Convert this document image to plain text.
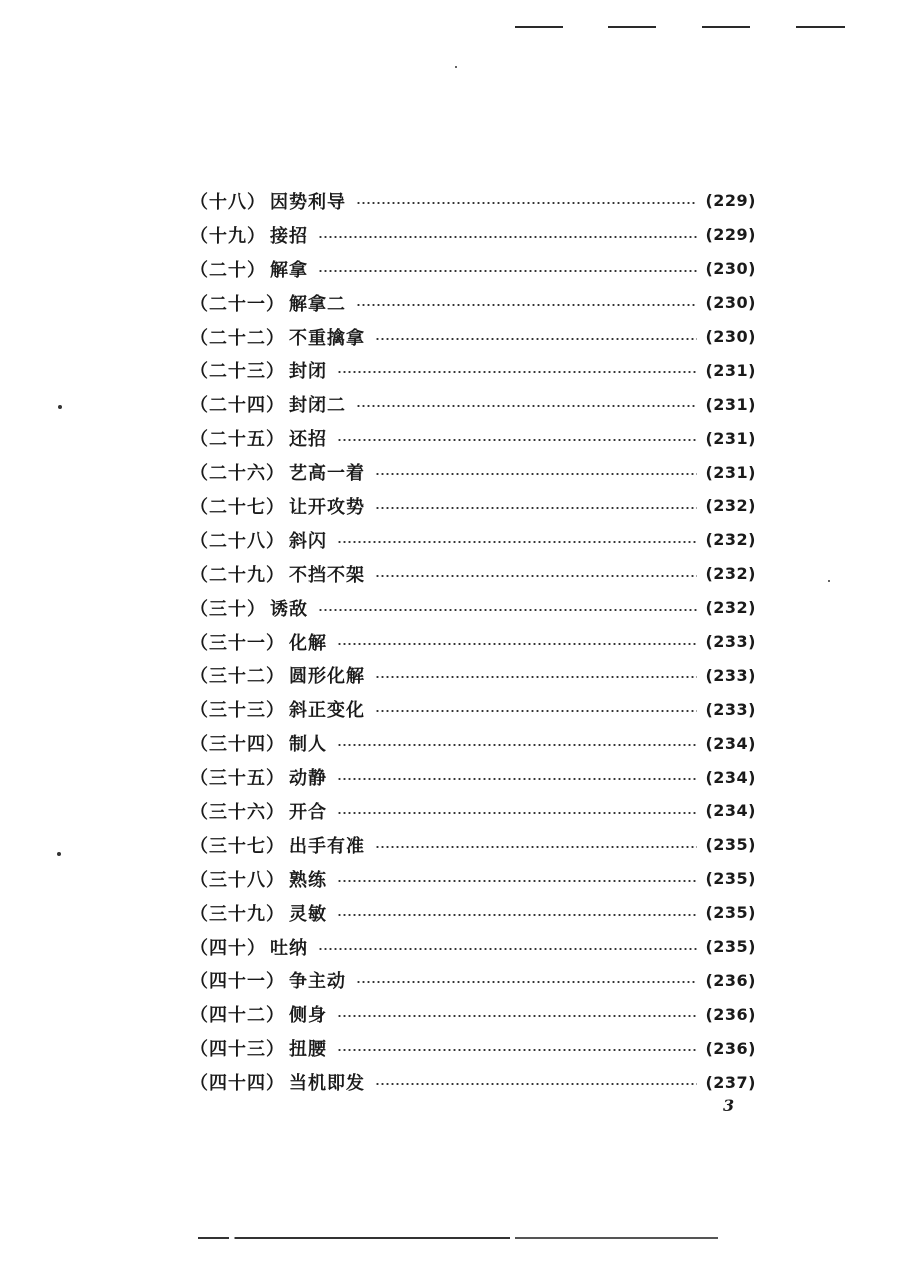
（十八） 因势利导	(229)
（十九） 接招	(229)
（二十） 解拿	(230)
（二十一） 解拿二	(230)
（二十二） 不重擒拿	(230)
（二十三） 封闭	(231)
（二十四） 封闭二	(231)
（二十五） 还招	(231)
（二十六） 艺高一着	(231)
（二十七） 让开攻势	(232)
（二十八） 斜闪	(232)
（二十九） 不挡不架	(232)
（三十） 诱敌	(232)
（三十一） 化解	(233)
（三十二） 圆形化解	(233)
（三十三） 斜正变化	(233)
（三十四） 制人	(234)
（三十五） 动静	(234)
（三十六） 开合	(234)
（三十七） 出手有准	(235)
（三十八） 熟练	(235)
（三十九） 灵敏	(235)
（四十） 吐纳	(235)
（四十一） 争主动	(236)
（四十二） 侧身	(236)
（四十三） 扭腰	(236)
（四十四） 当机即发	(237)
3
